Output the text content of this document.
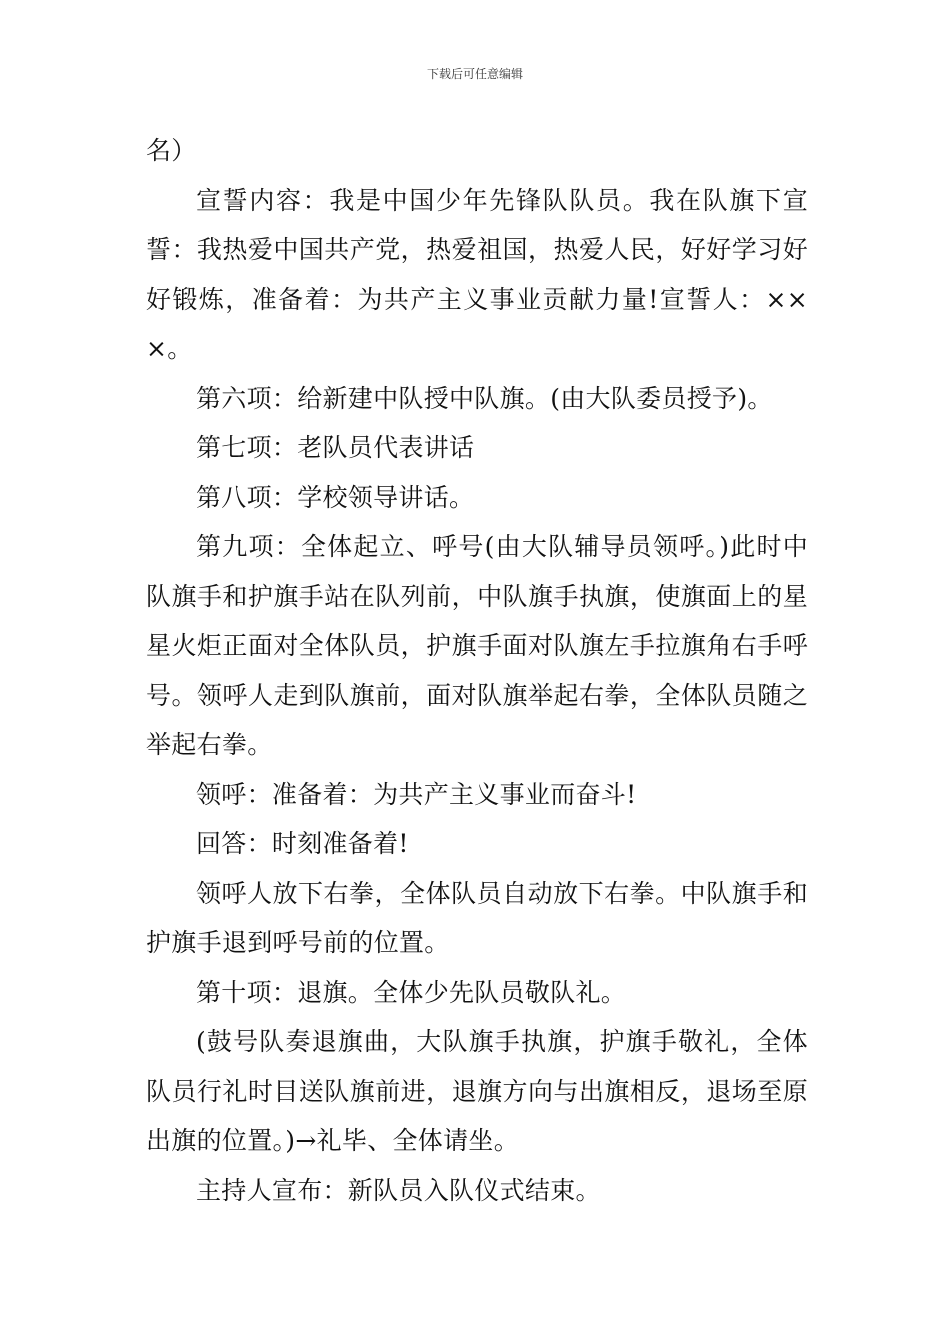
下载后可任意编辑

名）

宣誓内容：我是中国少年先锋队队员。我在队旗下宣誓：我热爱中国共产党，热爱祖国，热爱人民，好好学习好好锻炼，准备着：为共产主义事业贡献力量!宣誓人：×××。

第六项：给新建中队授中队旗。(由大队委员授予)。

第七项：老队员代表讲话

第八项：学校领导讲话。

第九项：全体起立、呼号(由大队辅导员领呼。)此时中队旗手和护旗手站在队列前，中队旗手执旗，使旗面上的星星火炬正面对全体队员，护旗手面对队旗左手拉旗角右手呼号。领呼人走到队旗前，面对队旗举起右拳，全体队员随之举起右拳。

领呼：准备着：为共产主义事业而奋斗!

回答：时刻准备着!

领呼人放下右拳，全体队员自动放下右拳。中队旗手和护旗手退到呼号前的位置。

第十项：退旗。全体少先队员敬队礼。

(鼓号队奏退旗曲，大队旗手执旗，护旗手敬礼，全体队员行礼时目送队旗前进，退旗方向与出旗相反，退场至原出旗的位置。)→礼毕、全体请坐。

主持人宣布：新队员入队仪式结束。
